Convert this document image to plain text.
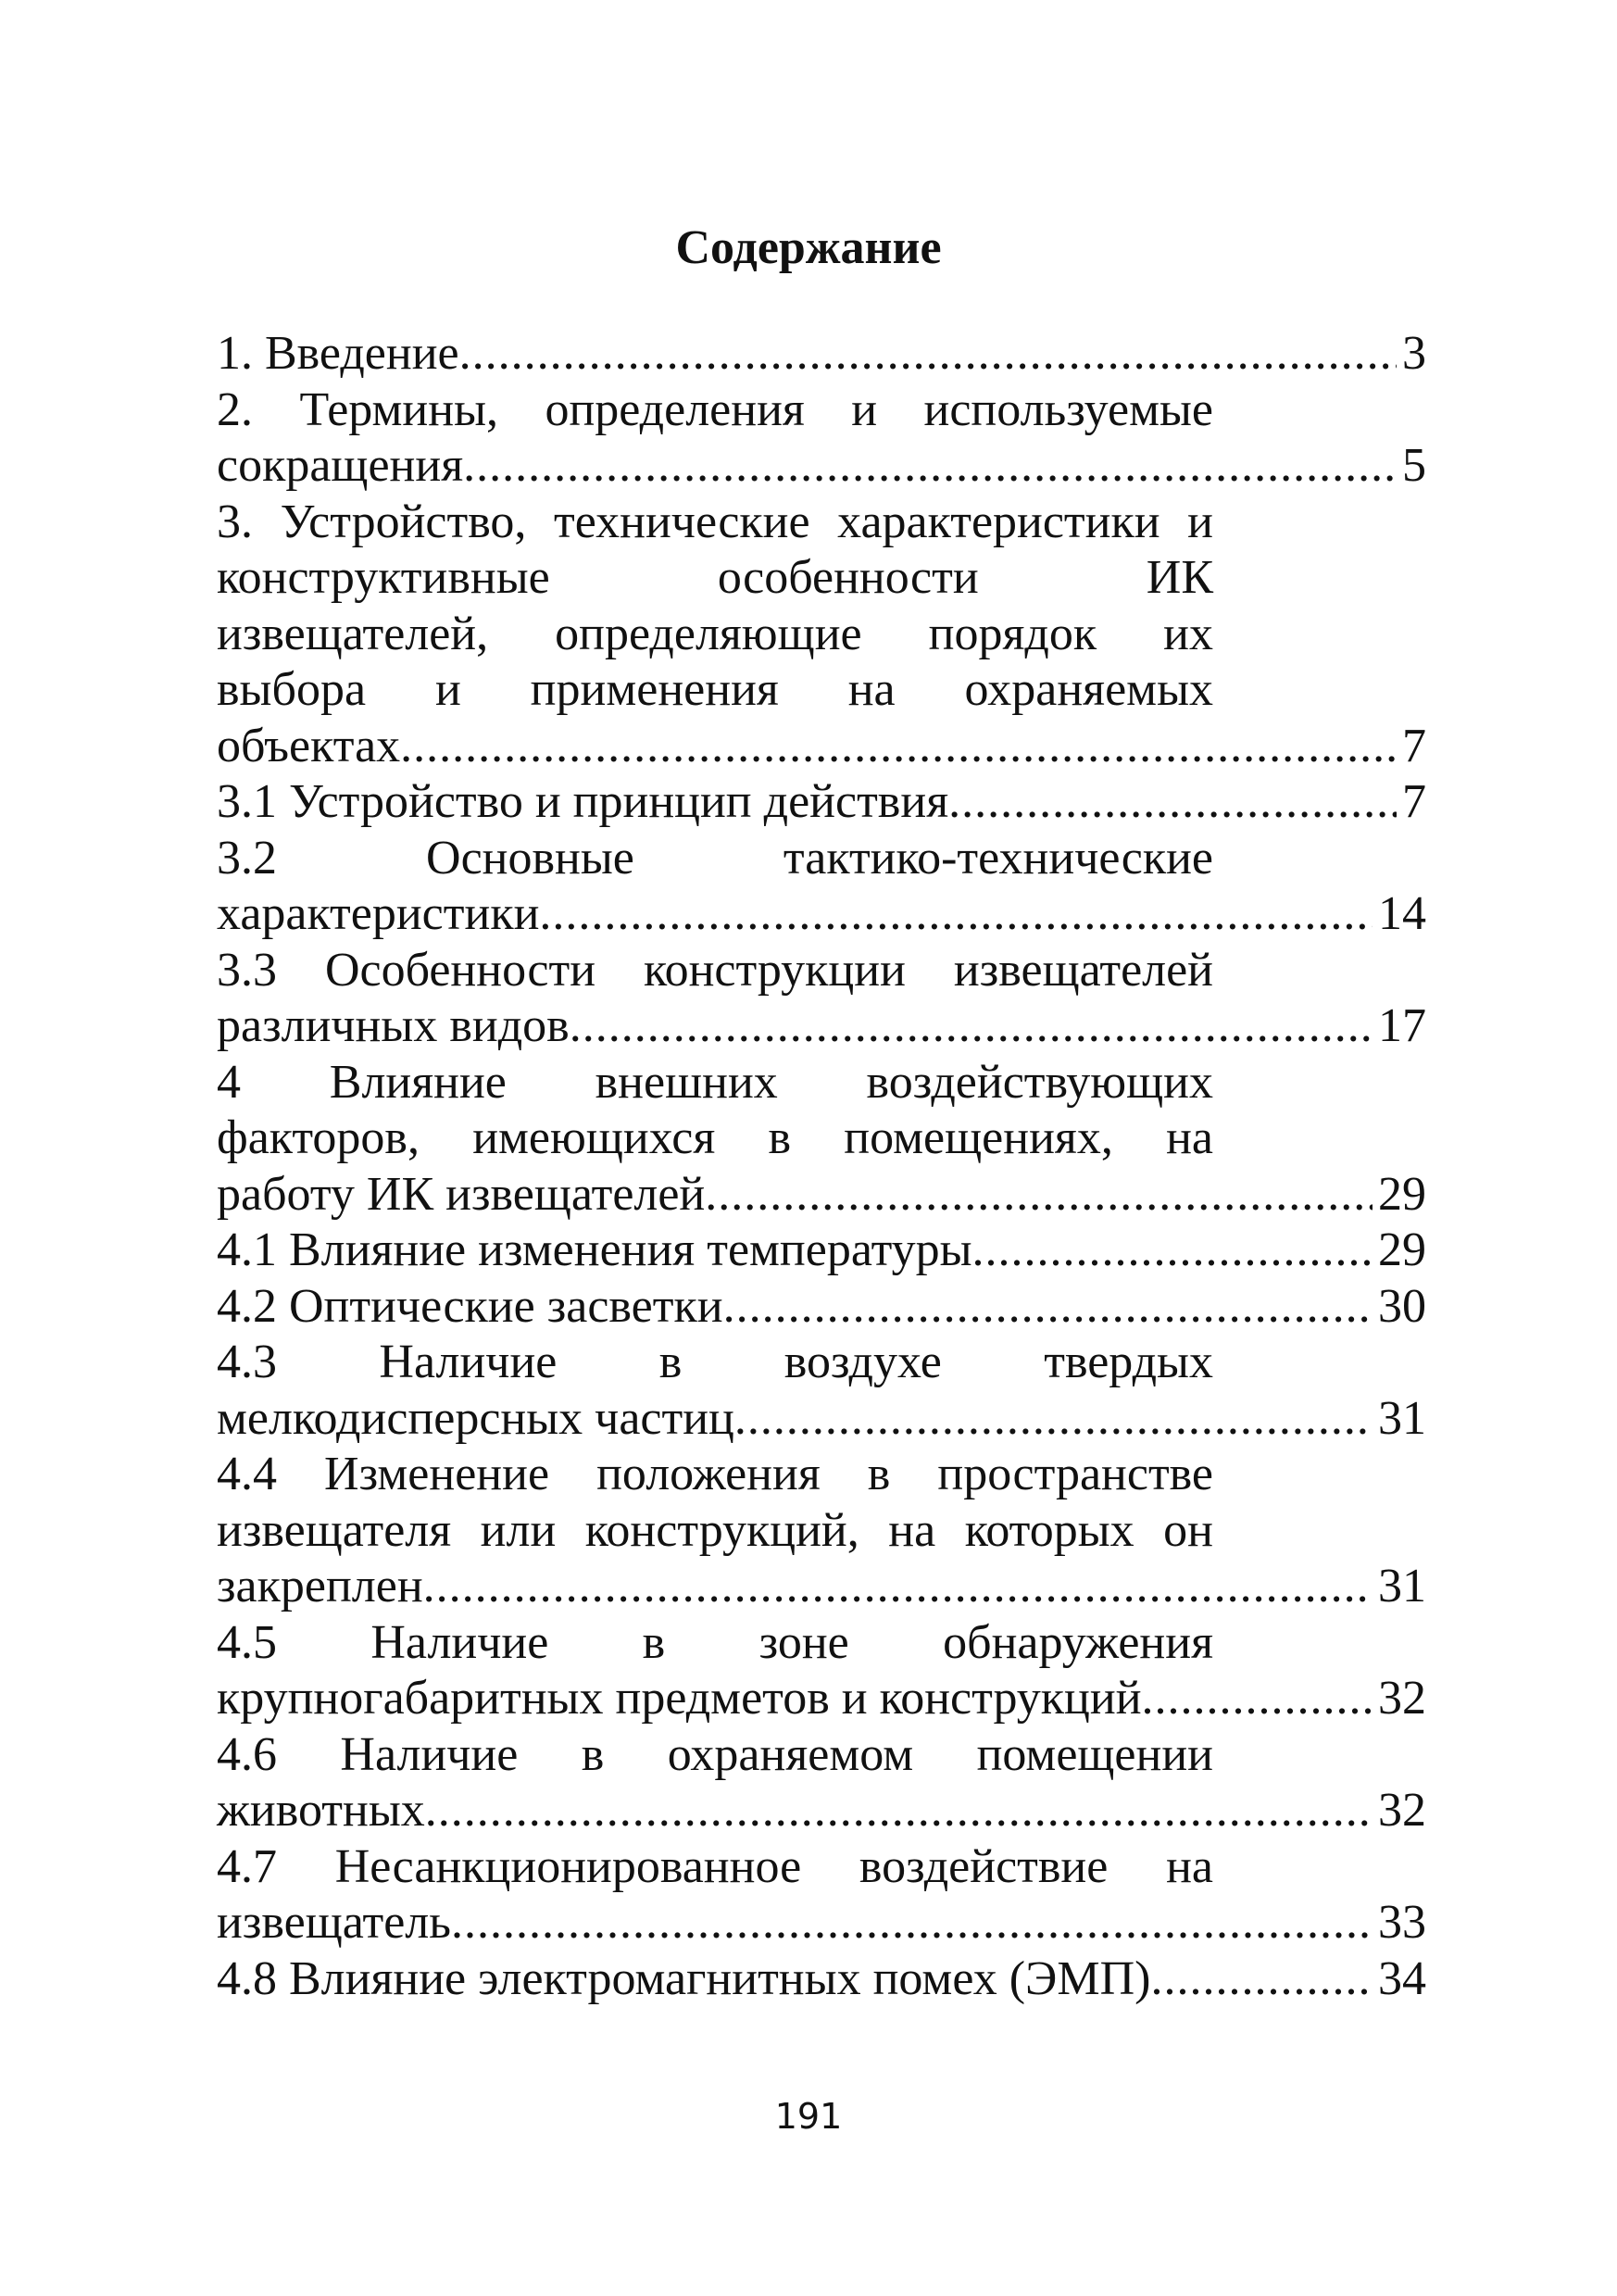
Содержание
1. Введение .....	3
2. Термины, определения и используемые
сокращения .....	5
3. Устройство, технические характеристики и
конструктивные особенности ИК
извещателей, определяющие порядок их
выбора и применения на охраняемых
объектах .....	7
3.1 Устройство и принцип действия .....	7
3.2 Основные тактико-технические
характеристики .....	14
3.3 Особенности конструкции извещателей
различных видов .....	17
4 Влияние внешних воздействующих
факторов, имеющихся в помещениях, на
работу ИК извещателей .....	29
4.1 Влияние изменения температуры .....	29
4.2 Оптические засветки .....	30
4.3 Наличие в воздухе твердых
мелкодисперсных частиц .....	31
4.4 Изменение положения в пространстве
извещателя или конструкций, на которых он
закреплен .....	31
4.5 Наличие в зоне обнаружения
крупногабаритных предметов и конструкций .....	32
4.6 Наличие в охраняемом помещении
животных .....	32
4.7 Несанкционированное воздействие на
извещатель .....	33
4.8 Влияние электромагнитных помех (ЭМП) .....	34
191
